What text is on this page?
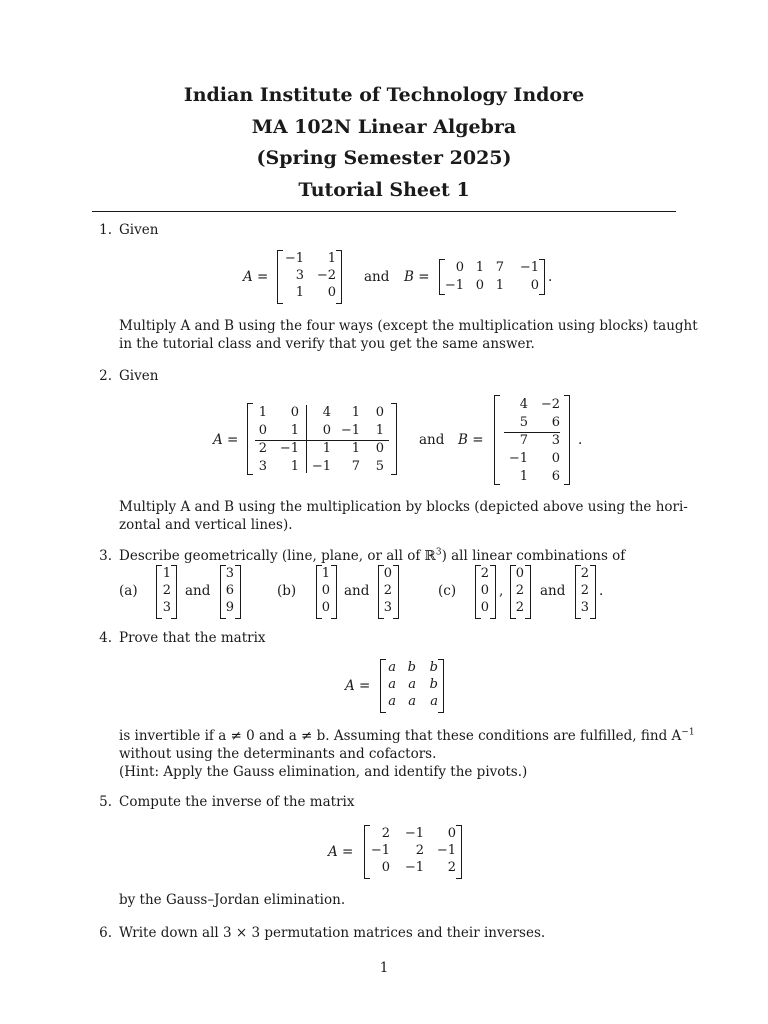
Indian Institute of Technology Indore
MA 102N Linear Algebra
(Spring Semester 2025)
Tutorial Sheet 1
1. Given
A =
−1 1
3 −2
1 0
and B =
0 1 7 −1
−1 0 1 0
.
Multiply A and B using the four ways (except the multiplication using blocks) taught
in the tutorial class and verify that you get the same answer.
2. Given
A =
1 0 4 1 0
0 1 0 −1 1
2 −1 1 1 0
3 1 −1 7 5
and B =
4 −2
5 6
7 3
−1 0
1 6
.
Multiply A and B using the multiplication by blocks (depicted above using the hori-
zontal and vertical lines).
3. Describe geometrically (line, plane, or all of ℝ$^3$) all linear combinations of
(a)
1
2
3
and
3
6
9
(b)
1
0
0
and
0
2
3
(c)
2
0
0
,
0
2
2
and
2
2
3
.
4. Prove that the matrix
A =
a b b
a a b
a a a
is invertible if a ≠ 0 and a ≠ b. Assuming that these conditions are fulfilled, find $A^{-1}$
without using the determinants and cofactors.
(Hint: Apply the Gauss elimination, and identify the pivots.)
5. Compute the inverse of the matrix
A =
2 −1 0
−1 2 −1
0 −1 2
by the Gauss–Jordan elimination.
6. Write down all 3 × 3 permutation matrices and their inverses.
1
